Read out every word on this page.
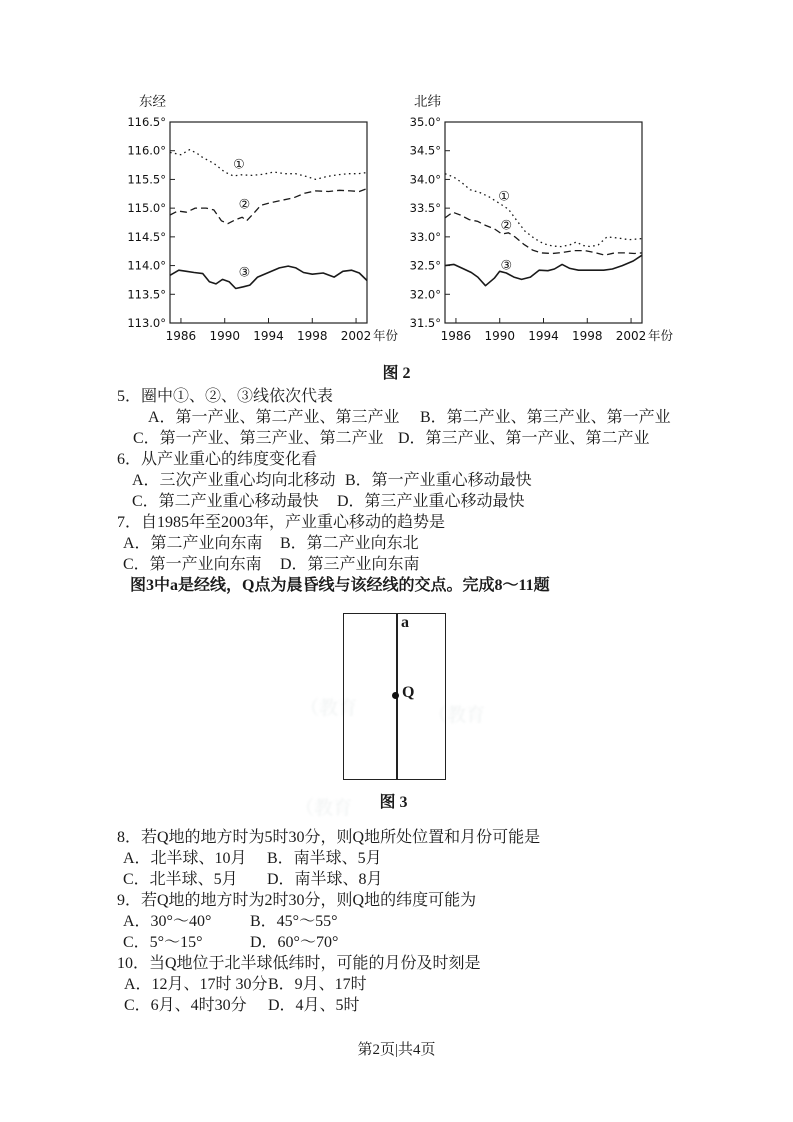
东经
113.0°
113.5°
114.0°
114.5°
115.0°
115.5°
116.0°
116.5°
1986 1990 1994 1998 2002 年份
①
②
③
北纬
31.5°
32.0°
32.5°
33.0°
33.5°
34.0°
34.5°
35.0°
1986 1990 1994 1998 2002 年份
①
②
③
（教育	（教育
（教育
图 2
5．圈中①、②、③线依次代表
A．第一产业、第二产业、第三产业	B．第二产业、第三产业、第一产业
C．第一产业、第三产业、第二产业 D．第三产业、第一产业、第二产业
6．从产业重心的纬度变化看
A．三次产业重心均向北移动 B．第一产业重心移动最快
C．第二产业重心移动最快	D．第三产业重心移动最快
7．自1985年至2003年，产业重心移动的趋势是
A．第二产业向东南	B．第二产业向东北
C．第一产业向东南	D．第三产业向东南
图3中a是经线，Q点为晨昏线与该经线的交点。完成8～11题
a
Q
图 3
8．若Q地的地方时为5时30分，则Q地所处位置和月份可能是
A．北半球、10月	B．南半球、5月
C．北半球、5月	D．南半球、8月
9．若Q地的地方时为2时30分，则Q地的纬度可能为
A．30°～40°	B．45°～55°
C．5°～15°	D．60°～70°
10．当Q地位于北半球低纬时，可能的月份及时刻是
A．12月、17时 30分 B．9月、17时
C．6月、4时30分	D．4月、5时
第2页|共4页
